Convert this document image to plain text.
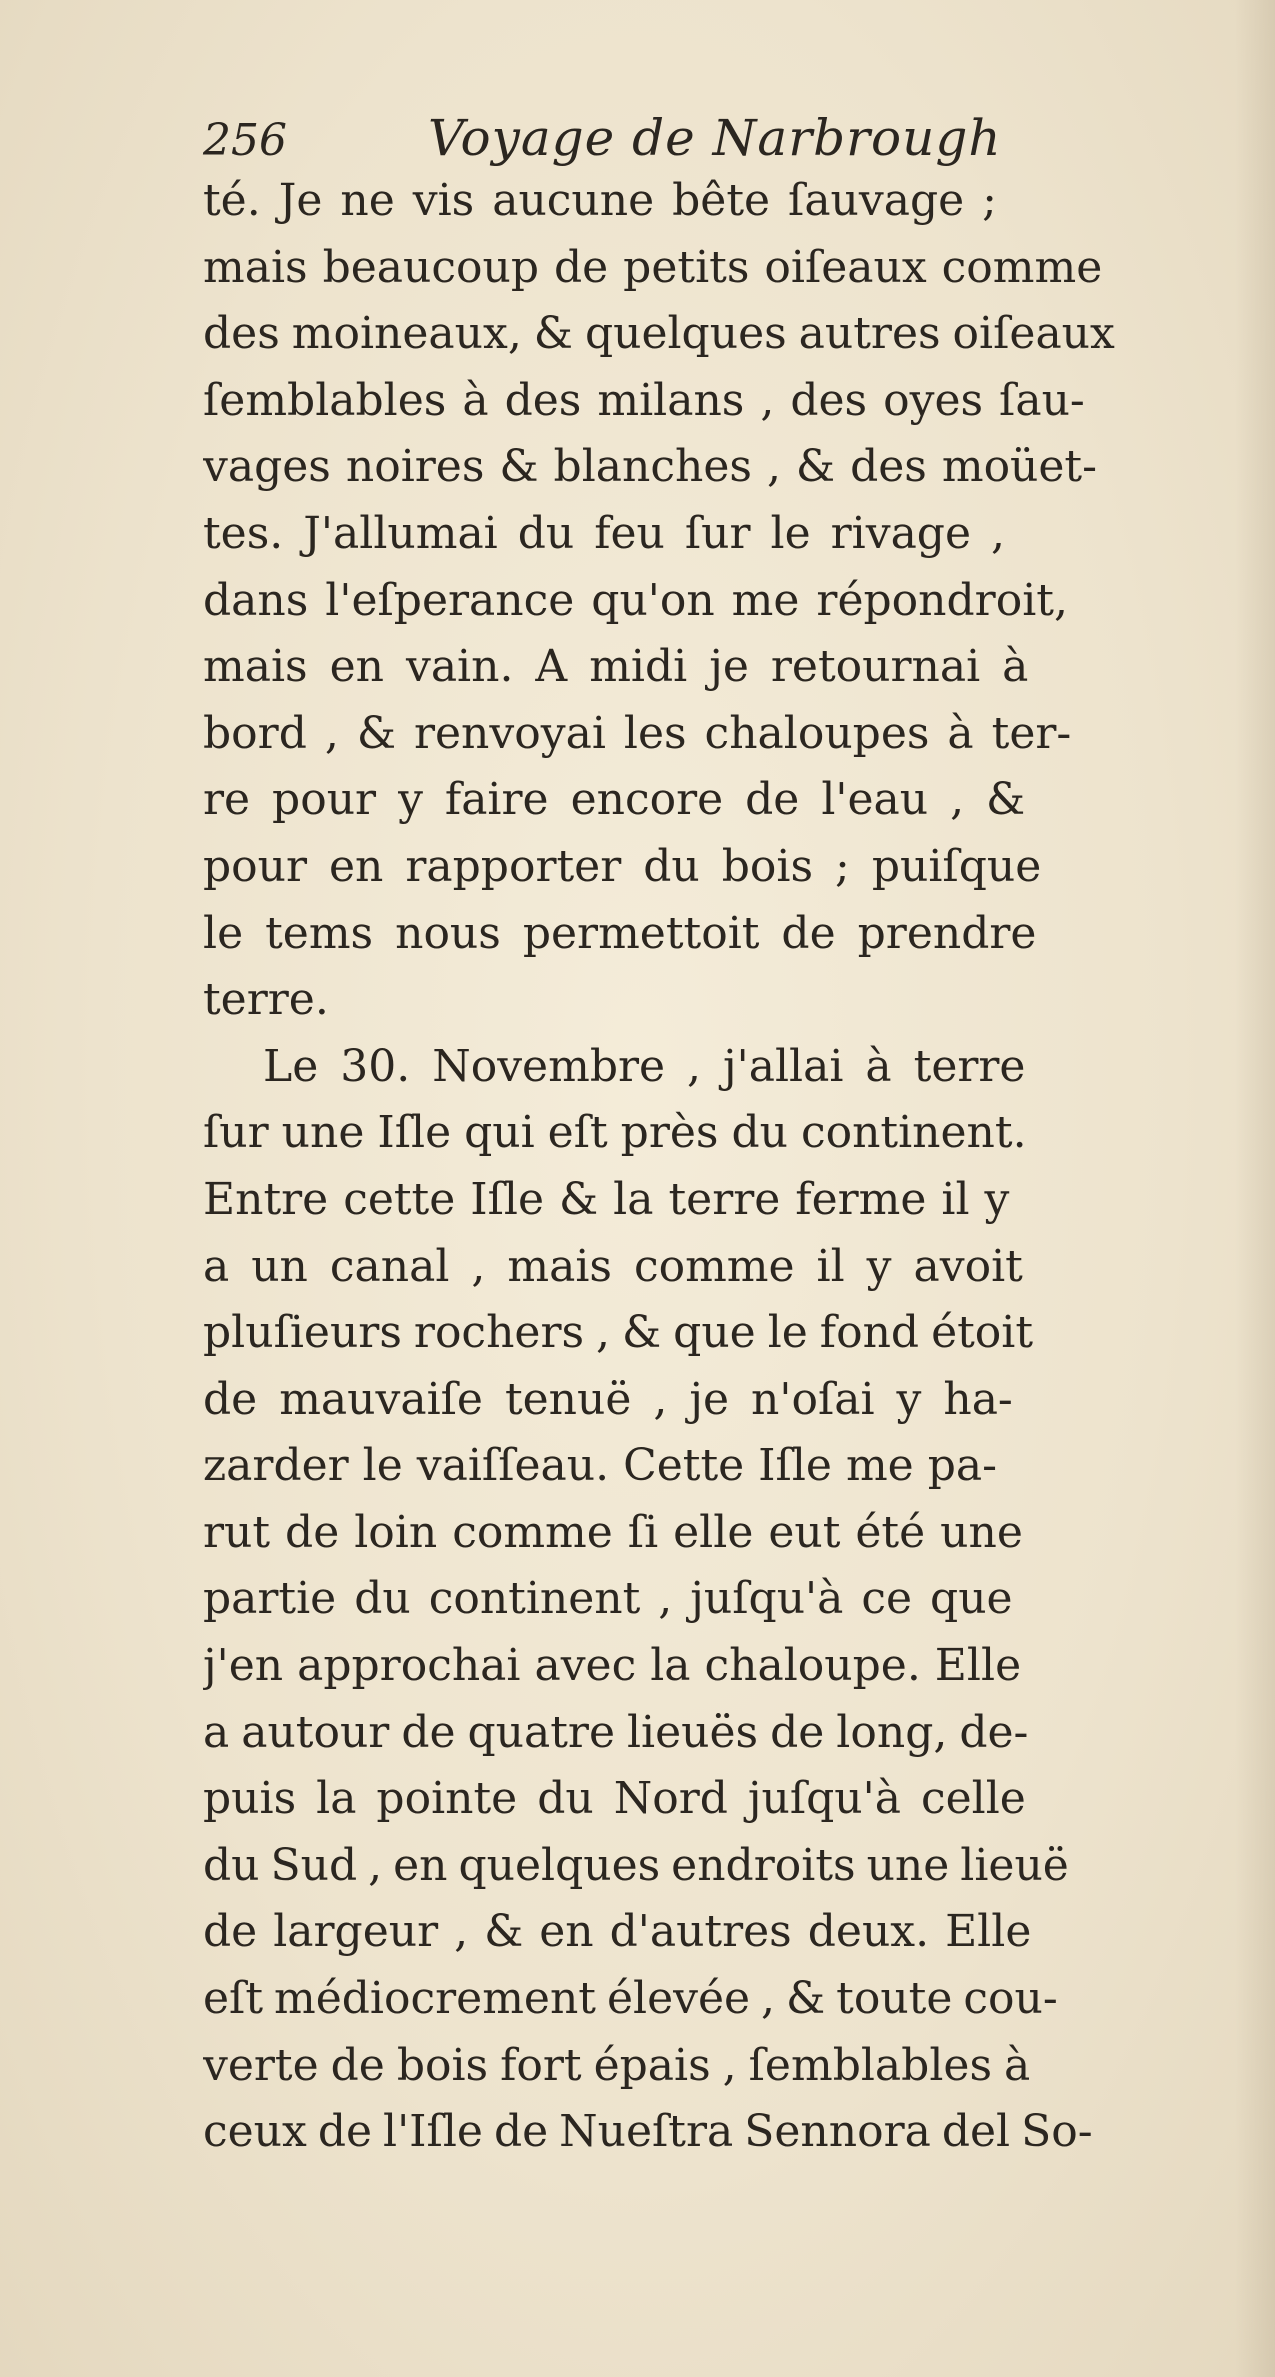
256	Voyage de Narbrough
té. Je ne vis aucune bête ſauvage ;
mais beaucoup de petits oiſeaux comme
des moineaux, & quelques autres oiſeaux
ſemblables à des milans , des oyes ſau-
vages noires & blanches , & des moüet-
tes. J'allumai du feu ſur le rivage ,
dans l'eſperance qu'on me répondroit,
mais en vain. A midi je retournai à
bord , & renvoyai les chaloupes à ter-
re pour y faire encore de l'eau , &
pour en rapporter du bois ; puiſque
le tems nous permettoit de prendre
terre.
Le 30. Novembre , j'allai à terre
ſur une Iſle qui eſt près du continent.
Entre cette Iſle & la terre ferme il y
a un canal , mais comme il y avoit
pluſieurs rochers , & que le fond étoit
de mauvaiſe tenuë , je n'oſai y ha-
zarder le vaiſſeau. Cette Iſle me pa-
rut de loin comme ſi elle eut été une
partie du continent , juſqu'à ce que
j'en approchai avec la chaloupe. Elle
a autour de quatre lieuës de long, de-
puis la pointe du Nord juſqu'à celle
du Sud , en quelques endroits une lieuë
de largeur , & en d'autres deux. Elle
eſt médiocrement élevée , & toute cou-
verte de bois fort épais , ſemblables à
ceux de l'Iſle de Nueſtra Sennora del So-
